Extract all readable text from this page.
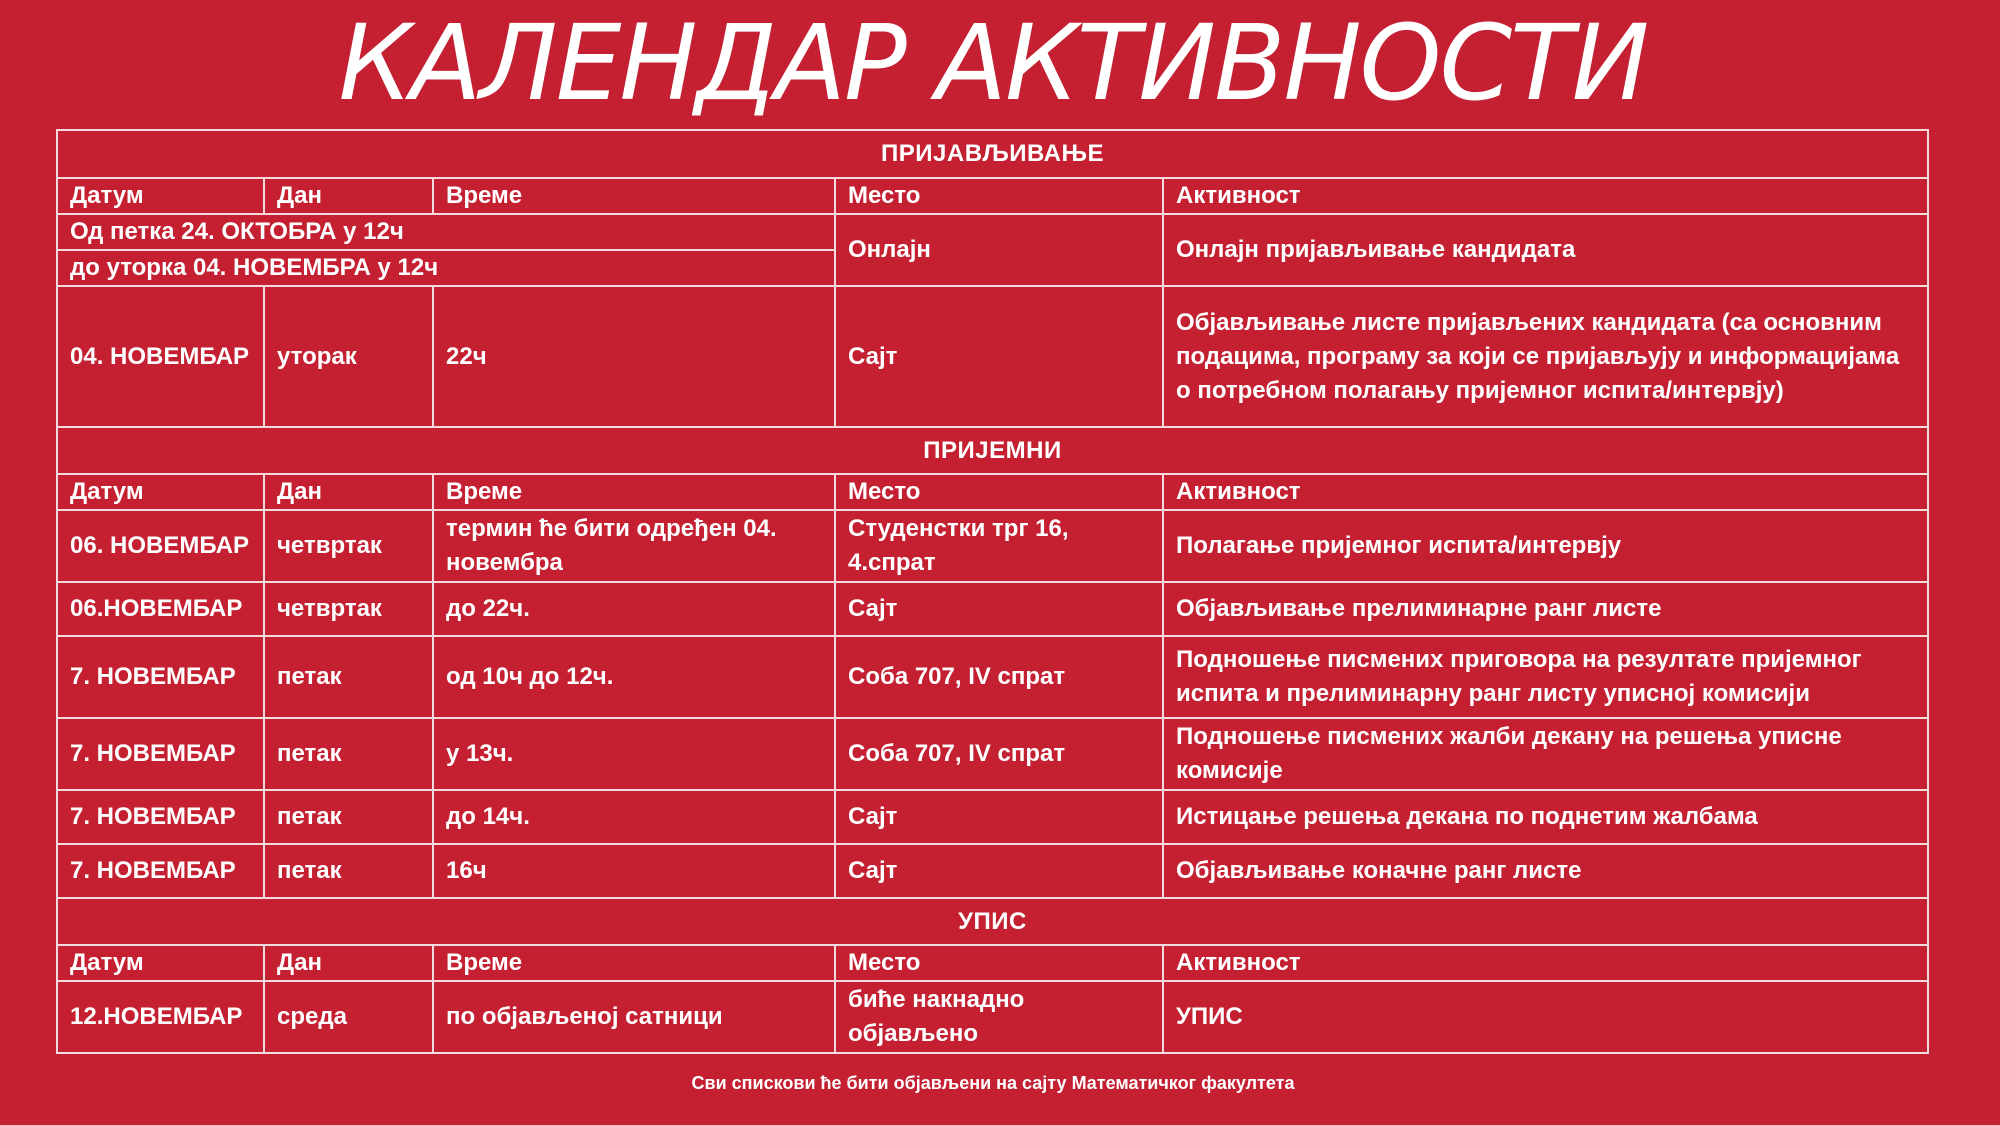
КАЛЕНДАР АКТИВНОСТИ
ПРИЈАВЉИВАЊЕ				
Датум	Дан	Време	Место	Активност
Од петка 24. ОКТОБРА у 12ч			Онлајн	Онлајн пријављивање кандидата
до уторка 04. НОВЕМБРА у 12ч				
04. НОВЕМБАР	уторак	22ч	Сајт	Објављивање листе пријављених кандидата (са основним подацима, програму за који се пријављују и информацијама о потребном полагању пријемног испита/интервју)
ПРИЈЕМНИ				
Датум	Дан	Време	Место	Активност
06. НОВЕМБАР	четвртак	термин ће бити одређен 04. новембра	Студенстки трг 16, 4.спрат	Полагање пријемног испита/интервју
06.НОВЕМБАР	четвртак	до 22ч.	Сајт	Објављивање прелиминарне ранг листе
7. НОВЕМБАР	петак	од 10ч до 12ч.	Соба 707, IV спрат	Подношење писмених приговора на резултате пријемног испита и прелиминарну ранг листу уписној комисији
7. НОВЕМБАР	петак	у 13ч.	Соба 707, IV спрат	Подношење писмених жалби декану на решења уписне комисије
7. НОВЕМБАР	петак	до 14ч.	Сајт	Истицање решења декана по поднетим жалбама
7. НОВЕМБАР	петак	16ч	Сајт	Објављивање коначне ранг листе
УПИС				
Датум	Дан	Време	Место	Активност
12.НОВЕМБАР	среда	по објављеној сатници	биће накнадно објављено	УПИС
Сви спискови ће бити објављени на сајту Математичког факултета
